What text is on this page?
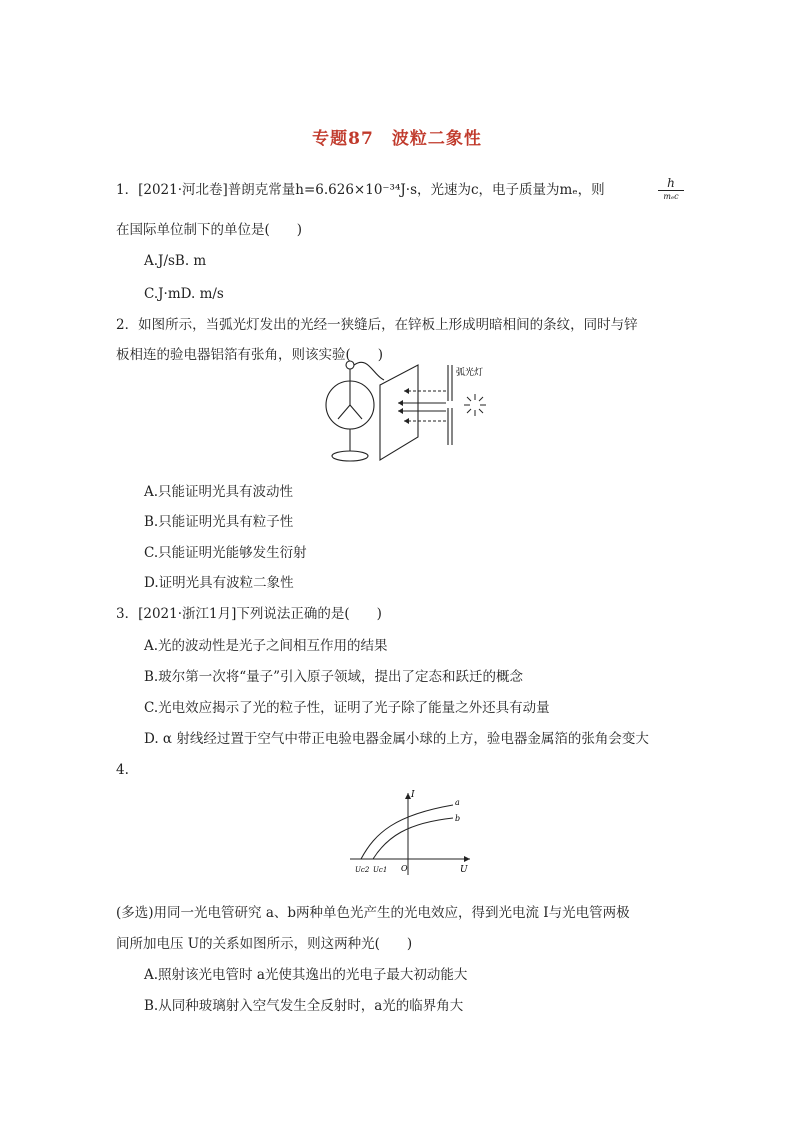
专题87　波粒二象性
1．[2021·河北卷]普朗克常量h=6.626×10⁻³⁴J·s，光速为c，电子质量为mₑ，则	h
mₑc
在国际单位制下的单位是(　　)
A.J/sB. m
C.J·mD. m/s
2．如图所示，当弧光灯发出的光经一狭缝后，在锌板上形成明暗相间的条纹，同时与锌
板相连的验电器铝箔有张角，则该实验(　　)
弧光灯
A.只能证明光具有波动性
B.只能证明光具有粒子性
C.只能证明光能够发生衍射
D.证明光具有波粒二象性
3．[2021·浙江1月]下列说法正确的是(　　)
A.光的波动性是光子之间相互作用的结果
B.玻尔第一次将“量子”引入原子领域，提出了定态和跃迁的概念
C.光电效应揭示了光的粒子性，证明了光子除了能量之外还具有动量
D. α 射线经过置于空气中带正电验电器金属小球的上方，验电器金属箔的张角会变大
4.
I
U
O
a
b
Uc2 Uc1
(多选)用同一光电管研究 a、b两种单色光产生的光电效应，得到光电流 I与光电管两极
间所加电压 U的关系如图所示，则这两种光(　　)
A.照射该光电管时 a光使其逸出的光电子最大初动能大
B.从同种玻璃射入空气发生全反射时，a光的临界角大
